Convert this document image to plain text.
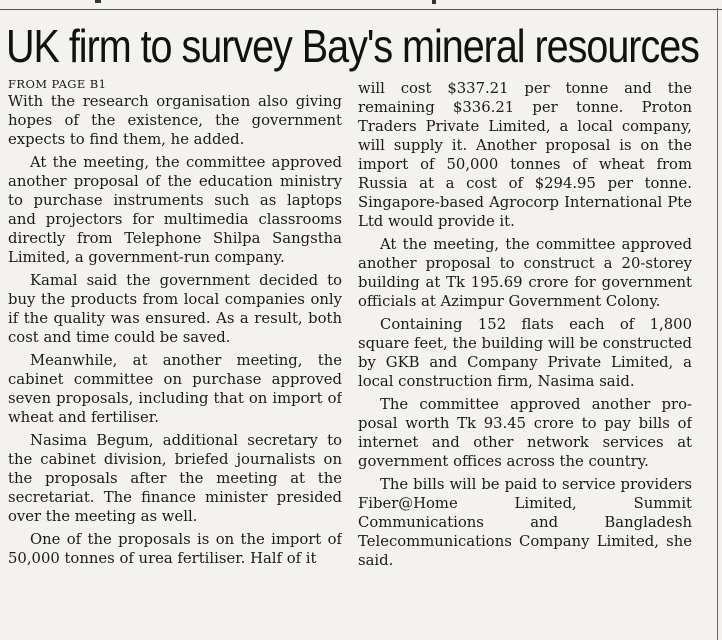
UK firm to survey Bay's mineral resources

FROM PAGE B1

With the research organisation also giving hopes of the existence, the government expects to find them, he added.

At the meeting, the committee approved another proposal of the education ministry to purchase instruments such as laptops and projectors for multimedia classrooms directly from Telephone Shilpa Sangstha Limited, a government-run company.

Kamal said the government decided to buy the products from local companies only if the quality was ensured. As a result, both cost and time could be saved.

Meanwhile, at another meeting, the cabinet committee on purchase approved seven proposals, including that on import of wheat and fertiliser.

Nasima Begum, additional secretary to the cabinet division, briefed journalists on the proposals after the meeting at the secretariat. The finance minister presided over the meeting as well.

One of the proposals is on the import of 50,000 tonnes of urea fertiliser. Half of it

will cost $337.21 per tonne and the remaining $336.21 per tonne. Proton Traders Private Limited, a local company, will supply it. Another proposal is on the import of 50,000 tonnes of wheat from Russia at a cost of $294.95 per tonne. Singapore-based Agrocorp International Pte Ltd would provide it.

At the meeting, the committee approved another proposal to construct a 20-storey building at Tk 195.69 crore for government officials at Azimpur Government Colony.

Containing 152 flats each of 1,800 square feet, the building will be constructed by GKB and Company Private Limited, a local construction firm, Nasima said.

The committee approved another proposal worth Tk 93.45 crore to pay bills of internet and other network services at government offices across the country.

The bills will be paid to service providers Fiber@Home Limited, Summit Communications and Bangladesh Telecommunications Company Limited, she said.
